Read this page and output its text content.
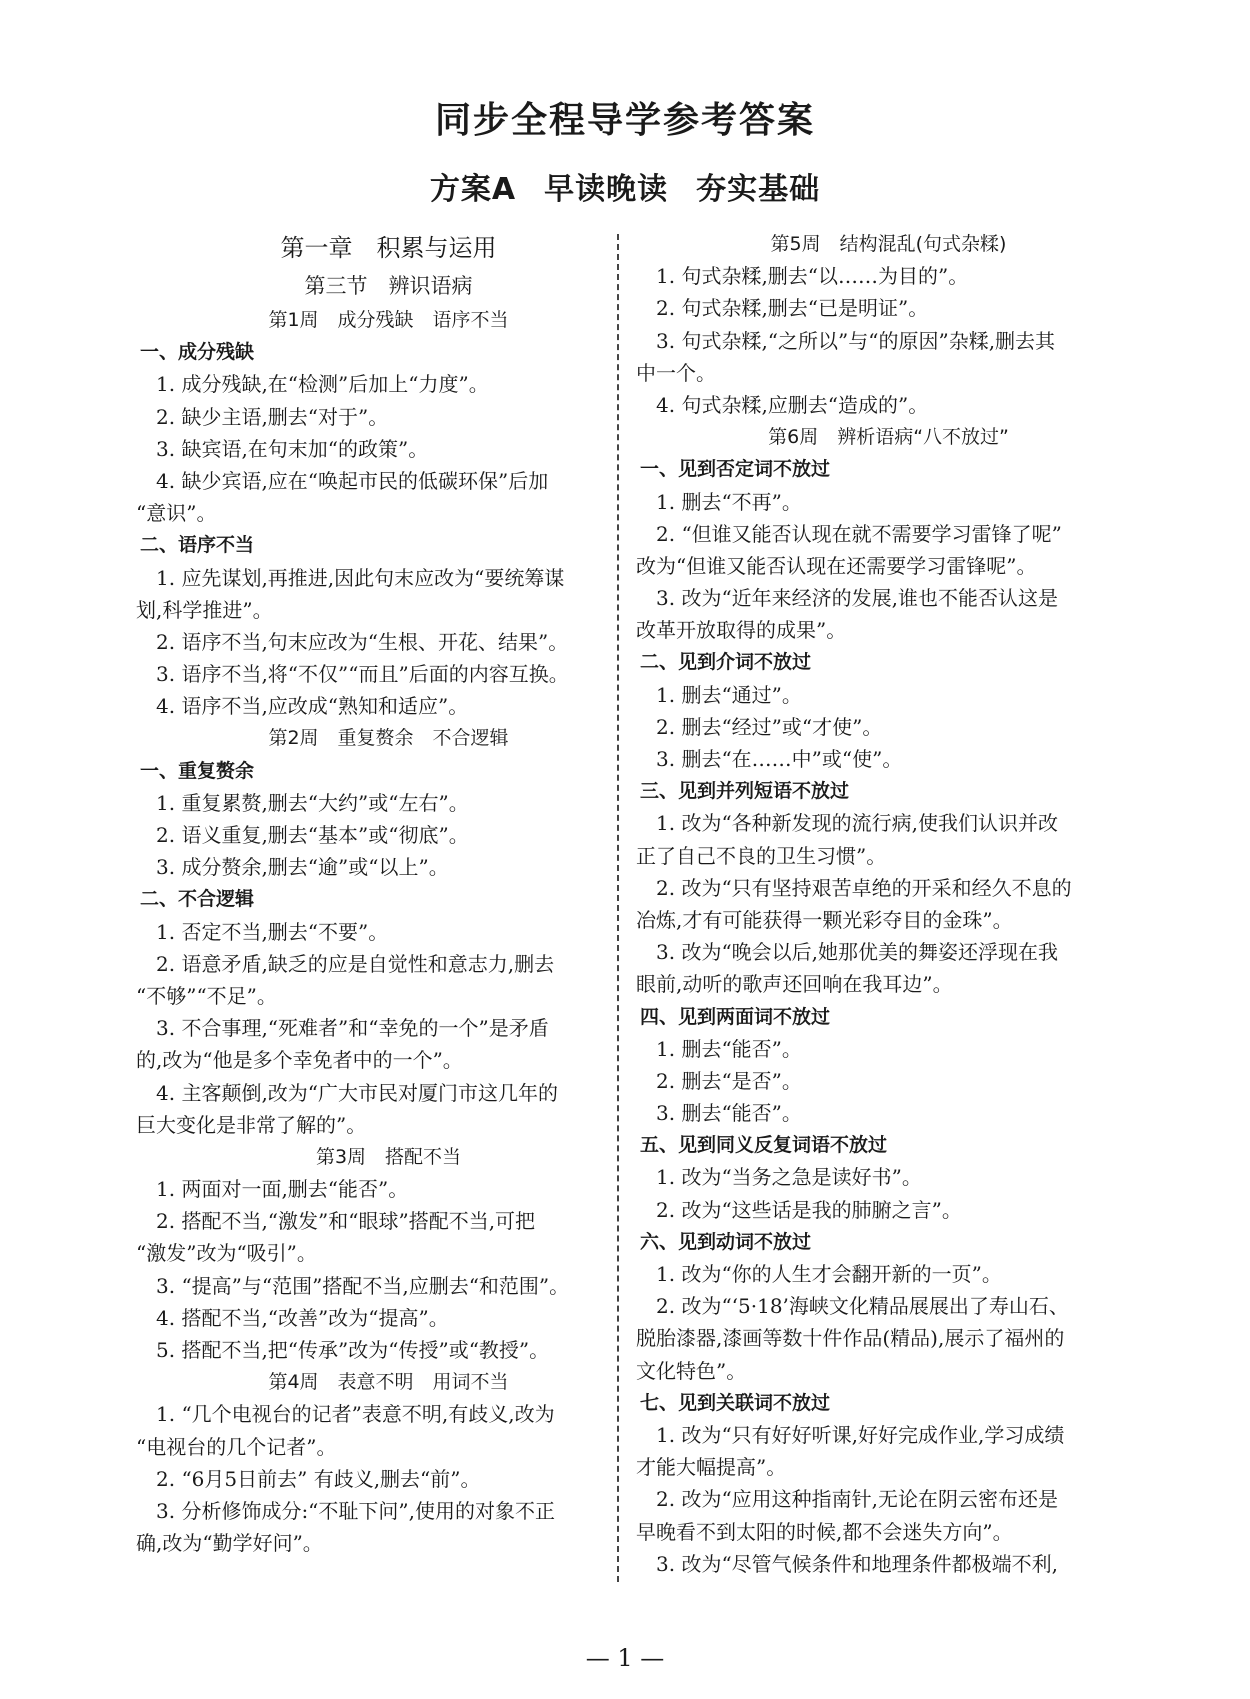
同步全程导学参考答案
方案A 早读晚读 夯实基础
第一章　积累与运用
第三节　辨识语病
第1周　成分残缺　语序不当
一、成分残缺
1. 成分残缺,在“检测”后加上“力度”。
2. 缺少主语,删去“对于”。
3. 缺宾语,在句末加“的政策”。
4. 缺少宾语,应在“唤起市民的低碳环保”后加
“意识”。
二、语序不当
1. 应先谋划,再推进,因此句末应改为“要统筹谋
划,科学推进”。
2. 语序不当,句末应改为“生根、开花、结果”。
3. 语序不当,将“不仅”“而且”后面的内容互换。
4. 语序不当,应改成“熟知和适应”。
第2周　重复赘余　不合逻辑
一、重复赘余
1. 重复累赘,删去“大约”或“左右”。
2. 语义重复,删去“基本”或“彻底”。
3. 成分赘余,删去“逾”或“以上”。
二、不合逻辑
1. 否定不当,删去“不要”。
2. 语意矛盾,缺乏的应是自觉性和意志力,删去
“不够”“不足”。
3. 不合事理,“死难者”和“幸免的一个”是矛盾
的,改为“他是多个幸免者中的一个”。
4. 主客颠倒,改为“广大市民对厦门市这几年的
巨大变化是非常了解的”。
第3周　搭配不当
1. 两面对一面,删去“能否”。
2. 搭配不当,“激发”和“眼球”搭配不当,可把
“激发”改为“吸引”。
3. “提高”与“范围”搭配不当,应删去“和范围”。
4. 搭配不当,“改善”改为“提高”。
5. 搭配不当,把“传承”改为“传授”或“教授”。
第4周　表意不明　用词不当
1. “几个电视台的记者”表意不明,有歧义,改为
“电视台的几个记者”。
2. “6月5日前去” 有歧义,删去“前”。
3. 分析修饰成分:“不耻下问”,使用的对象不正
确,改为“勤学好问”。
第5周　结构混乱(句式杂糅)
1. 句式杂糅,删去“以……为目的”。
2. 句式杂糅,删去“已是明证”。
3. 句式杂糅,“之所以”与“的原因”杂糅,删去其
中一个。
4. 句式杂糅,应删去“造成的”。
第6周　辨析语病“八不放过”
一、见到否定词不放过
1. 删去“不再”。
2. “但谁又能否认现在就不需要学习雷锋了呢”
改为“但谁又能否认现在还需要学习雷锋呢”。
3. 改为“近年来经济的发展,谁也不能否认这是
改革开放取得的成果”。
二、见到介词不放过
1. 删去“通过”。
2. 删去“经过”或“才使”。
3. 删去“在……中”或“使”。
三、见到并列短语不放过
1. 改为“各种新发现的流行病,使我们认识并改
正了自己不良的卫生习惯”。
2. 改为“只有坚持艰苦卓绝的开采和经久不息的
冶炼,才有可能获得一颗光彩夺目的金珠”。
3. 改为“晚会以后,她那优美的舞姿还浮现在我
眼前,动听的歌声还回响在我耳边”。
四、见到两面词不放过
1. 删去“能否”。
2. 删去“是否”。
3. 删去“能否”。
五、见到同义反复词语不放过
1. 改为“当务之急是读好书”。
2. 改为“这些话是我的肺腑之言”。
六、见到动词不放过
1. 改为“你的人生才会翻开新的一页”。
2. 改为“‘5·18’海峡文化精品展展出了寿山石、
脱胎漆器,漆画等数十件作品(精品),展示了福州的
文化特色”。
七、见到关联词不放过
1. 改为“只有好好听课,好好完成作业,学习成绩
才能大幅提高”。
2. 改为“应用这种指南针,无论在阴云密布还是
早晚看不到太阳的时候,都不会迷失方向”。
3. 改为“尽管气候条件和地理条件都极端不利,
— 1 —
